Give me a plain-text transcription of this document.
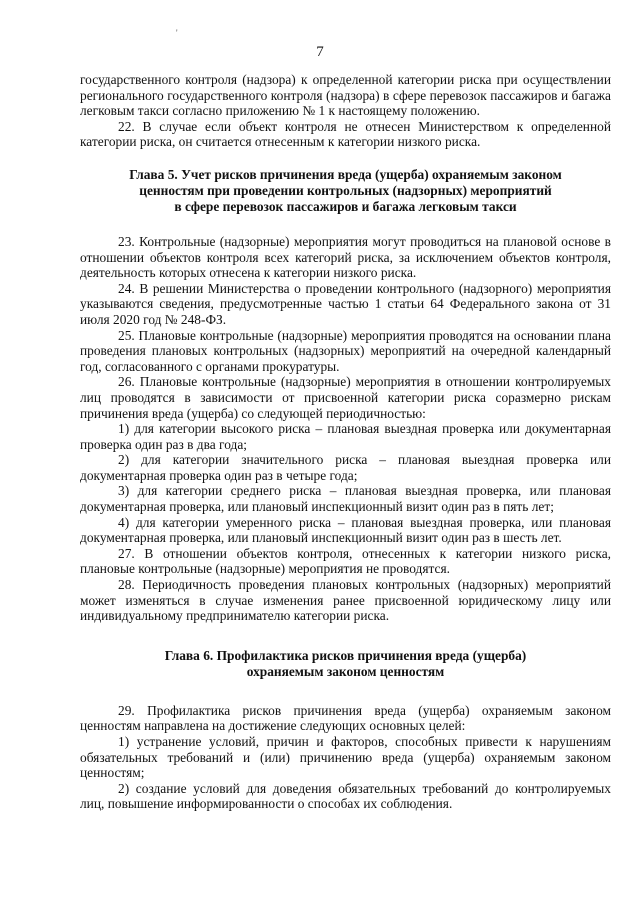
'
7

государственного контроля (надзора) к определенной категории риска при осуществлении регионального государственного контроля (надзора) в сфере перевозок пассажиров и багажа легковым такси согласно приложению № 1 к настоящему положению.

22. В случае если объект контроля не отнесен Министерством к определенной категории риска, он считается отнесенным к категории низкого риска.

Глава 5. Учет рисков причинения вреда (ущерба) охраняемым законом
ценностям при проведении контрольных (надзорных) мероприятий
в сфере перевозок пассажиров и багажа легковым такси

23. Контрольные (надзорные) мероприятия могут проводиться на плановой основе в отношении объектов контроля всех категорий риска, за исключением объектов контроля, деятельность которых отнесена к категории низкого риска.

24. В решении Министерства о проведении контрольного (надзорного) мероприятия указываются сведения, предусмотренные частью 1 статьи 64 Федерального закона от 31 июля 2020 год № 248-ФЗ.

25. Плановые контрольные (надзорные) мероприятия проводятся на основании плана проведения плановых контрольных (надзорных) мероприятий на очередной календарный год, согласованного с органами прокуратуры.

26. Плановые контрольные (надзорные) мероприятия в отношении контролируемых лиц проводятся в зависимости от присвоенной категории риска соразмерно рискам причинения вреда (ущерба) со следующей периодичностью:

1) для категории высокого риска – плановая выездная проверка или документарная проверка один раз в два года;

2) для категории значительного риска – плановая выездная проверка или документарная проверка один раз в четыре года;

3) для категории среднего риска – плановая выездная проверка, или плановая документарная проверка, или плановый инспекционный визит один раз в пять лет;

4) для категории умеренного риска – плановая выездная проверка, или плановая документарная проверка, или плановый инспекционный визит один раз в шесть лет.

27. В отношении объектов контроля, отнесенных к категории низкого риска, плановые контрольные (надзорные) мероприятия не проводятся.

28. Периодичность проведения плановых контрольных (надзорных) мероприятий может изменяться в случае изменения ранее присвоенной юридическому лицу или индивидуальному предпринимателю категории риска.

Глава 6. Профилактика рисков причинения вреда (ущерба)
охраняемым законом ценностям

29. Профилактика рисков причинения вреда (ущерба) охраняемым законом ценностям направлена на достижение следующих основных целей:

1) устранение условий, причин и факторов, способных привести к нарушениям обязательных требований и (или) причинению вреда (ущерба) охраняемым законом ценностям;

2) создание условий для доведения обязательных требований до контролируемых лиц, повышение информированности о способах их соблюдения.
